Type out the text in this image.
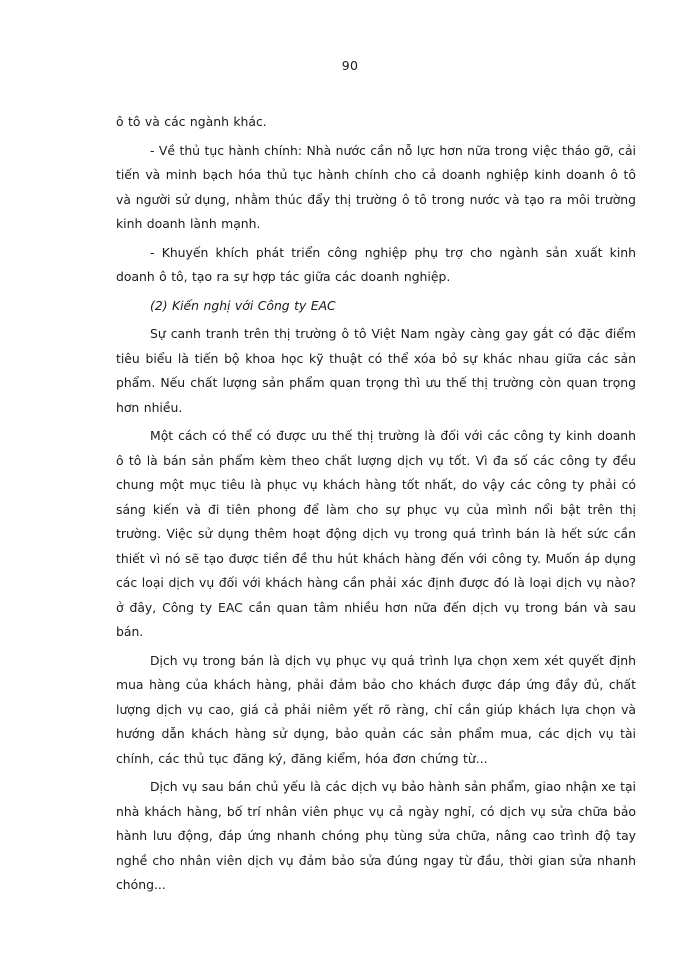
90

ô tô và các ngành khác.

- Về thủ tục hành chính: Nhà nước cần nỗ lực hơn nữa trong việc tháo gỡ, cải tiến và minh bạch hóa thủ tục hành chính cho cả doanh nghiệp kinh doanh ô tô và người sử dụng, nhằm thúc đẩy thị trường ô tô trong nước và tạo ra môi trường kinh doanh lành mạnh.

- Khuyến khích phát triển công nghiệp phụ trợ cho ngành sản xuất kinh doanh ô tô, tạo ra sự hợp tác giữa các doanh nghiệp.

(2) Kiến nghị với Công ty EAC

Sự canh tranh trên thị trường ô tô Việt Nam ngày càng gay gắt có đặc điểm tiêu biểu là tiến bộ khoa học kỹ thuật có thể xóa bỏ sự khác nhau giữa các sản phẩm. Nếu chất lượng sản phẩm quan trọng thì ưu thế thị trường còn quan trọng hơn nhiều.

Một cách có thể có được ưu thế thị trường là đối với các công ty kinh doanh ô tô là bán sản phẩm kèm theo chất lượng dịch vụ tốt. Vì đa số các công ty đều chung một mục tiêu là phục vụ khách hàng tốt nhất, do vậy các công ty phải có sáng kiến và đi tiên phong để làm cho sự phục vụ của mình nổi bật trên thị trường. Việc sử dụng thêm hoạt động dịch vụ trong quá trình bán là hết sức cần thiết vì nó sẽ tạo được tiền đề thu hút khách hàng đến với công ty. Muốn áp dụng các loại dịch vụ đối với khách hàng cần phải xác định được đó là loại dịch vụ nào? ở đây, Công ty EAC cần quan tâm nhiều hơn nữa đến dịch vụ trong bán và sau bán.

Dịch vụ trong bán là dịch vụ phục vụ quá trình lựa chọn xem xét quyết định mua hàng của khách hàng, phải đảm bảo cho khách được đáp ứng đầy đủ, chất lượng dịch vụ cao, giá cả phải niêm yết rõ ràng, chỉ cần giúp khách lựa chọn và hướng dẫn khách hàng sử dụng, bảo quản các sản phẩm mua, các dịch vụ tài chính, các thủ tục đăng ký, đăng kiểm, hóa đơn chứng từ...

Dịch vụ sau bán chủ yếu là các dịch vụ bảo hành sản phẩm, giao nhận xe tại nhà khách hàng, bố trí nhân viên phục vụ cả ngày nghỉ, có dịch vụ sửa chữa bảo hành lưu động, đáp ứng nhanh chóng phụ tùng sửa chữa, nâng cao trình độ tay nghề cho nhân viên dịch vụ đảm bảo sửa đúng ngay từ đầu, thời gian sửa nhanh chóng...
